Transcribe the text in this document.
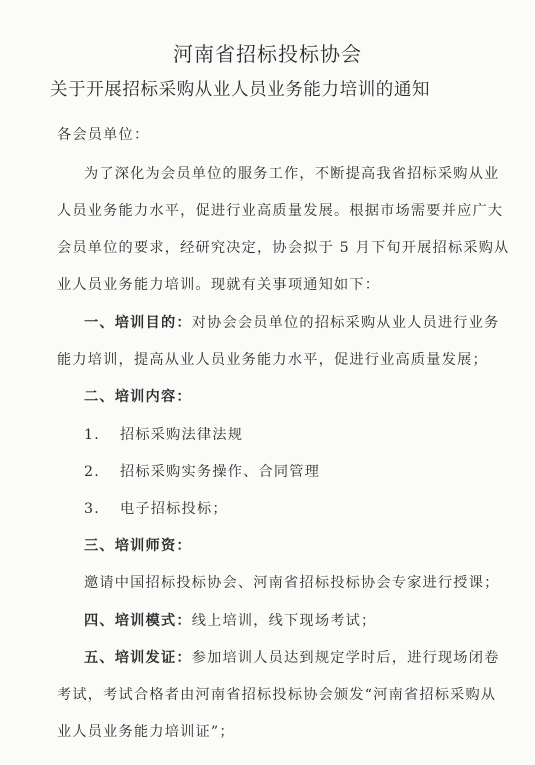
河南省招标投标协会
关于开展招标采购从业人员业务能力培训的通知
各会员单位：
为了深化为会员单位的服务工作，不断提高我省招标采购从业
人员业务能力水平，促进行业高质量发展。根据市场需要并应广大
会员单位的要求，经研究决定，协会拟于 5 月下旬开展招标采购从
业人员业务能力培训。现就有关事项通知如下：
一、培训目的：对协会会员单位的招标采购从业人员进行业务
能力培训，提高从业人员业务能力水平，促进行业高质量发展；
二、培训内容：
1. 招标采购法律法规
2. 招标采购实务操作、合同管理
3. 电子招标投标；
三、培训师资：
邀请中国招标投标协会、河南省招标投标协会专家进行授课；
四、培训模式：线上培训，线下现场考试；
五、培训发证：参加培训人员达到规定学时后，进行现场闭卷
考试，考试合格者由河南省招标投标协会颁发“河南省招标采购从
业人员业务能力培训证”；
